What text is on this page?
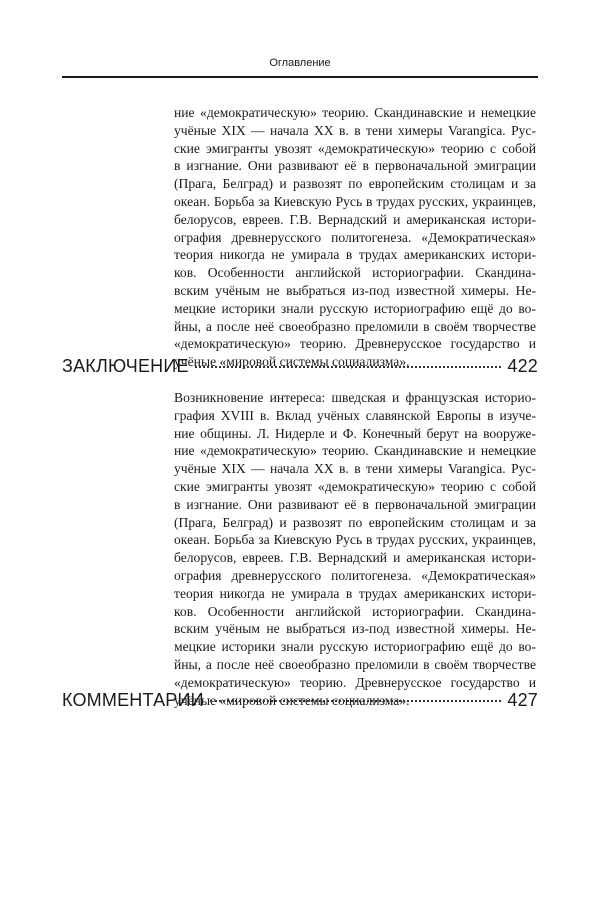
Оглавление
ние «демократическую» теорию. Скандинавские и немецкие
учёные XIX — начала XX в. в тени химеры Varangica. Рус-
ские эмигранты увозят «демократическую» теорию с собой
в изгнание. Они развивают её в первоначальной эмиграции
(Прага, Белград) и развозят по европейским столицам и за
океан. Борьба за Киевскую Русь в трудах русских, украинцев,
белорусов, евреев. Г.В. Вернадский и американская истори-
ография древнерусского политогенеза. «Демократическая»
теория никогда не умирала в трудах американских истори-
ков. Особенности английской историографии. Скандина-
вским учёным не выбраться из-под известной химеры. Не-
мецкие историки знали русскую историографию ещё до во-
йны, а после неё своеобразно преломили в своём творчестве
«демократическую» теорию. Древнерусское государство и
учёные «мировой системы социализма».
ЗАКЛЮЧЕНИЕ	422
Возникновение интереса: шведская и французская историо-
графия XVIII в. Вклад учёных славянской Европы в изуче-
ние общины. Л. Нидерле и Ф. Конечный берут на вооруже-
ние «демократическую» теорию. Скандинавские и немецкие
учёные XIX — начала XX в. в тени химеры Varangica. Рус-
ские эмигранты увозят «демократическую» теорию с собой
в изгнание. Они развивают её в первоначальной эмиграции
(Прага, Белград) и развозят по европейским столицам и за
океан. Борьба за Киевскую Русь в трудах русских, украинцев,
белорусов, евреев. Г.В. Вернадский и американская истори-
ография древнерусского политогенеза. «Демократическая»
теория никогда не умирала в трудах американских истори-
ков. Особенности английской историографии. Скандина-
вским учёным не выбраться из-под известной химеры. Не-
мецкие историки знали русскую историографию ещё до во-
йны, а после неё своеобразно преломили в своём творчестве
«демократическую» теорию. Древнерусское государство и
учёные «мировой системы социализма».
КОММЕНТАРИИ	427
